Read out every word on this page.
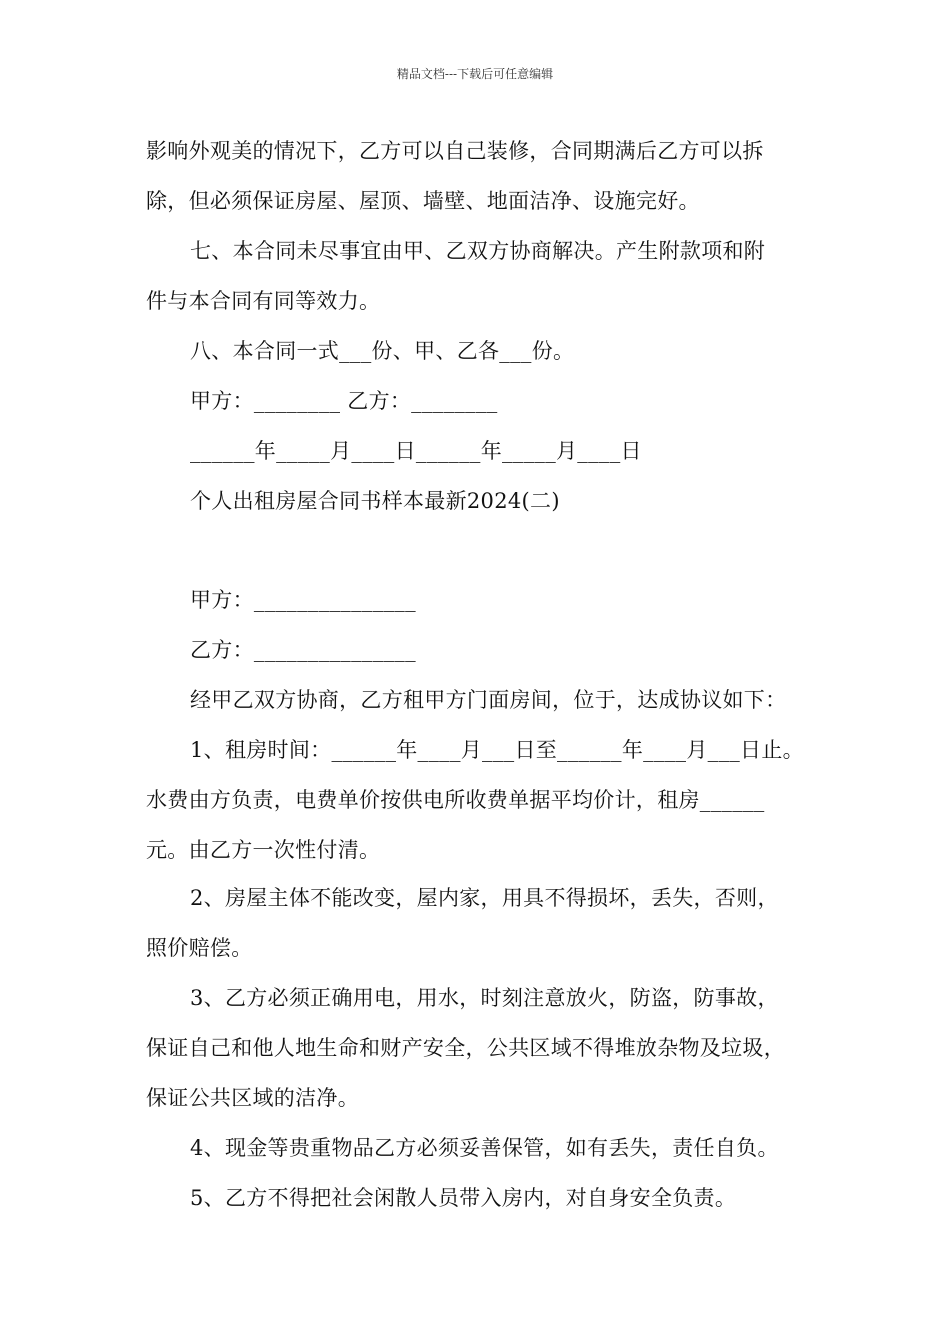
精品文档---下载后可任意编辑
影响外观美的情况下，乙方可以自己装修，合同期满后乙方可以拆
除，但必须保证房屋、屋顶、墙壁、地面洁净、设施完好。
七、本合同未尽事宜由甲、乙双方协商解决。产生附款项和附
件与本合同有同等效力。
八、本合同一式___份、甲、乙各___份。
甲方：________ 乙方：________
______年_____月____日______年_____月____日
个人出租房屋合同书样本最新2024(二)
甲方：_______________
乙方：_______________
经甲乙双方协商，乙方租甲方门面房间，位于，达成协议如下：
1、租房时间：______年____月___日至______年____月___日止。
水费由方负责，电费单价按供电所收费单据平均价计，租房______
元。由乙方一次性付清。
2、房屋主体不能改变，屋内家，用具不得损坏，丢失，否则，
照价赔偿。
3、乙方必须正确用电，用水，时刻注意放火，防盗，防事故，
保证自己和他人地生命和财产安全，公共区域不得堆放杂物及垃圾，
保证公共区域的洁净。
4、现金等贵重物品乙方必须妥善保管，如有丢失，责任自负。
5、乙方不得把社会闲散人员带入房内，对自身安全负责。
